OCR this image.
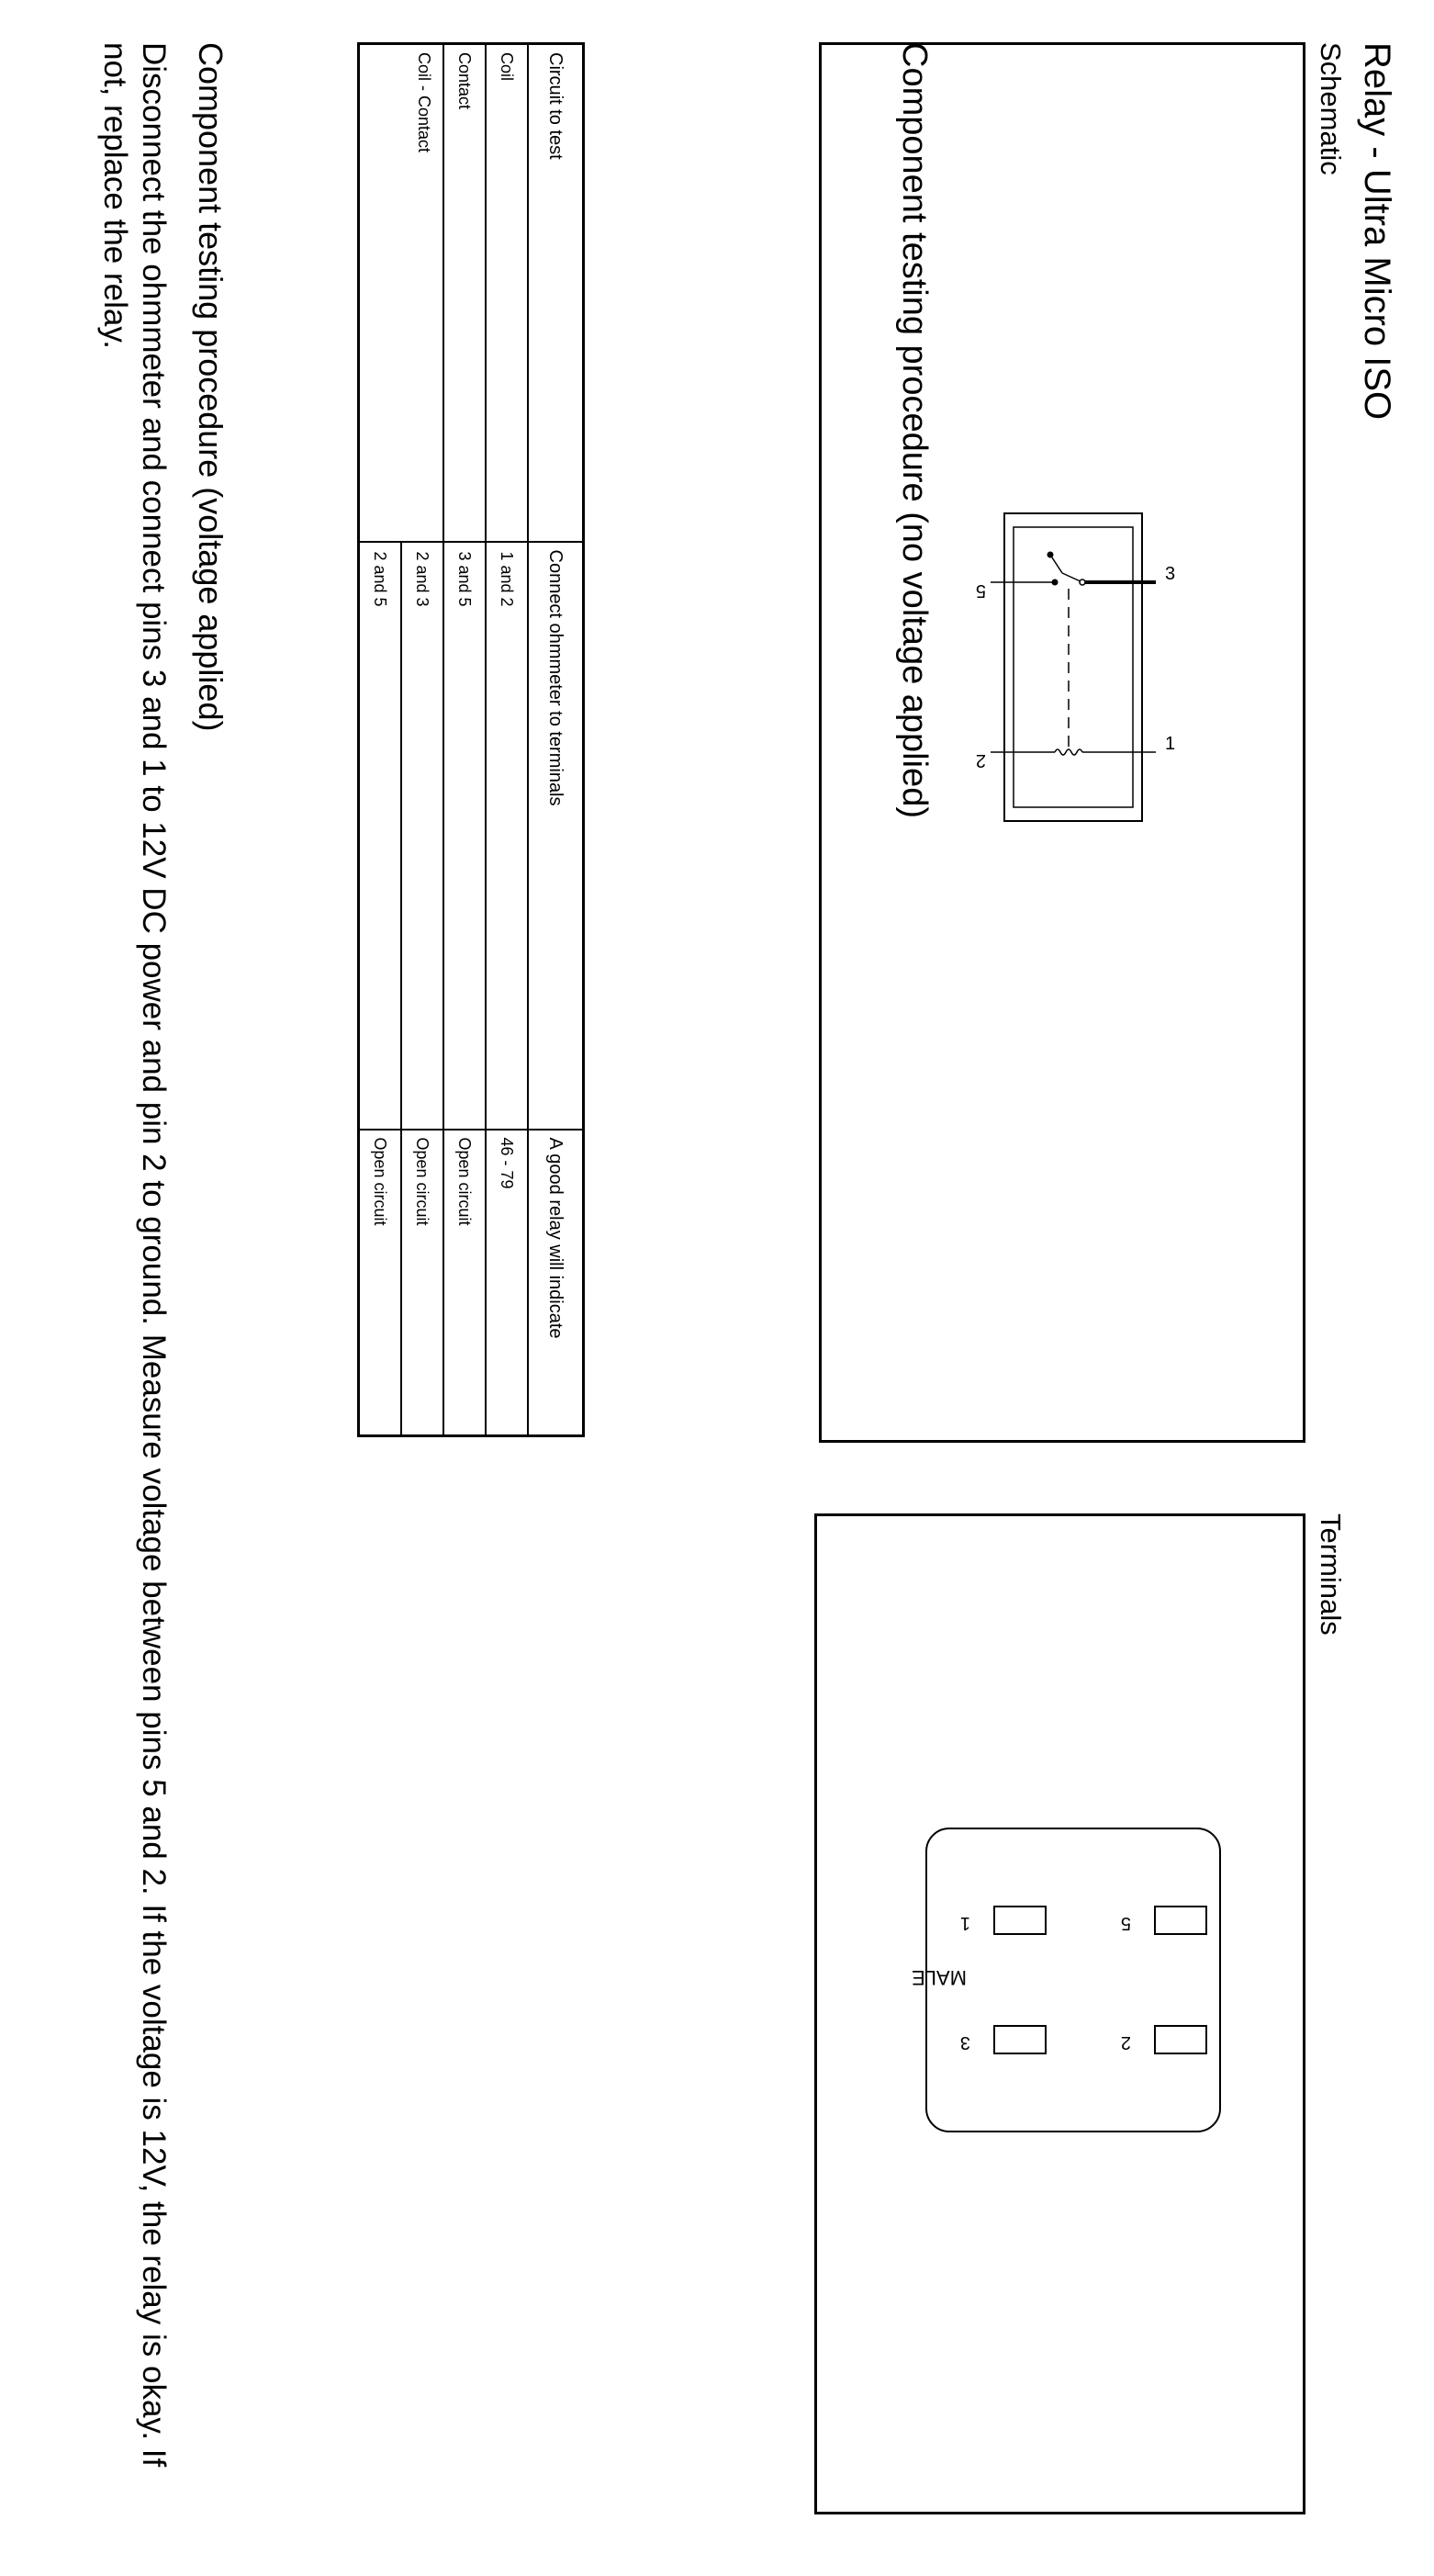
Relay - Ultra Micro ISO
Schematic
Terminals
3
1
5
2
5
2
1
3
MALE
Component testing procedure (no voltage applied)
Circuit to test	Connect ohmmeter to terminals	A good relay will indicate
Coil	1 and 2	46 - 79
Contact	3 and 5	Open circuit
Coil - Contact	2 and 3	Open circuit
	2 and 5	Open circuit
Component testing procedure (voltage applied)
Disconnect the ohmmeter and connect pins 3 and 1 to 12V DC power and pin 2 to ground. Measure voltage between pins 5 and 2. If the voltage is 12V, the relay is okay. If not, replace the relay.
